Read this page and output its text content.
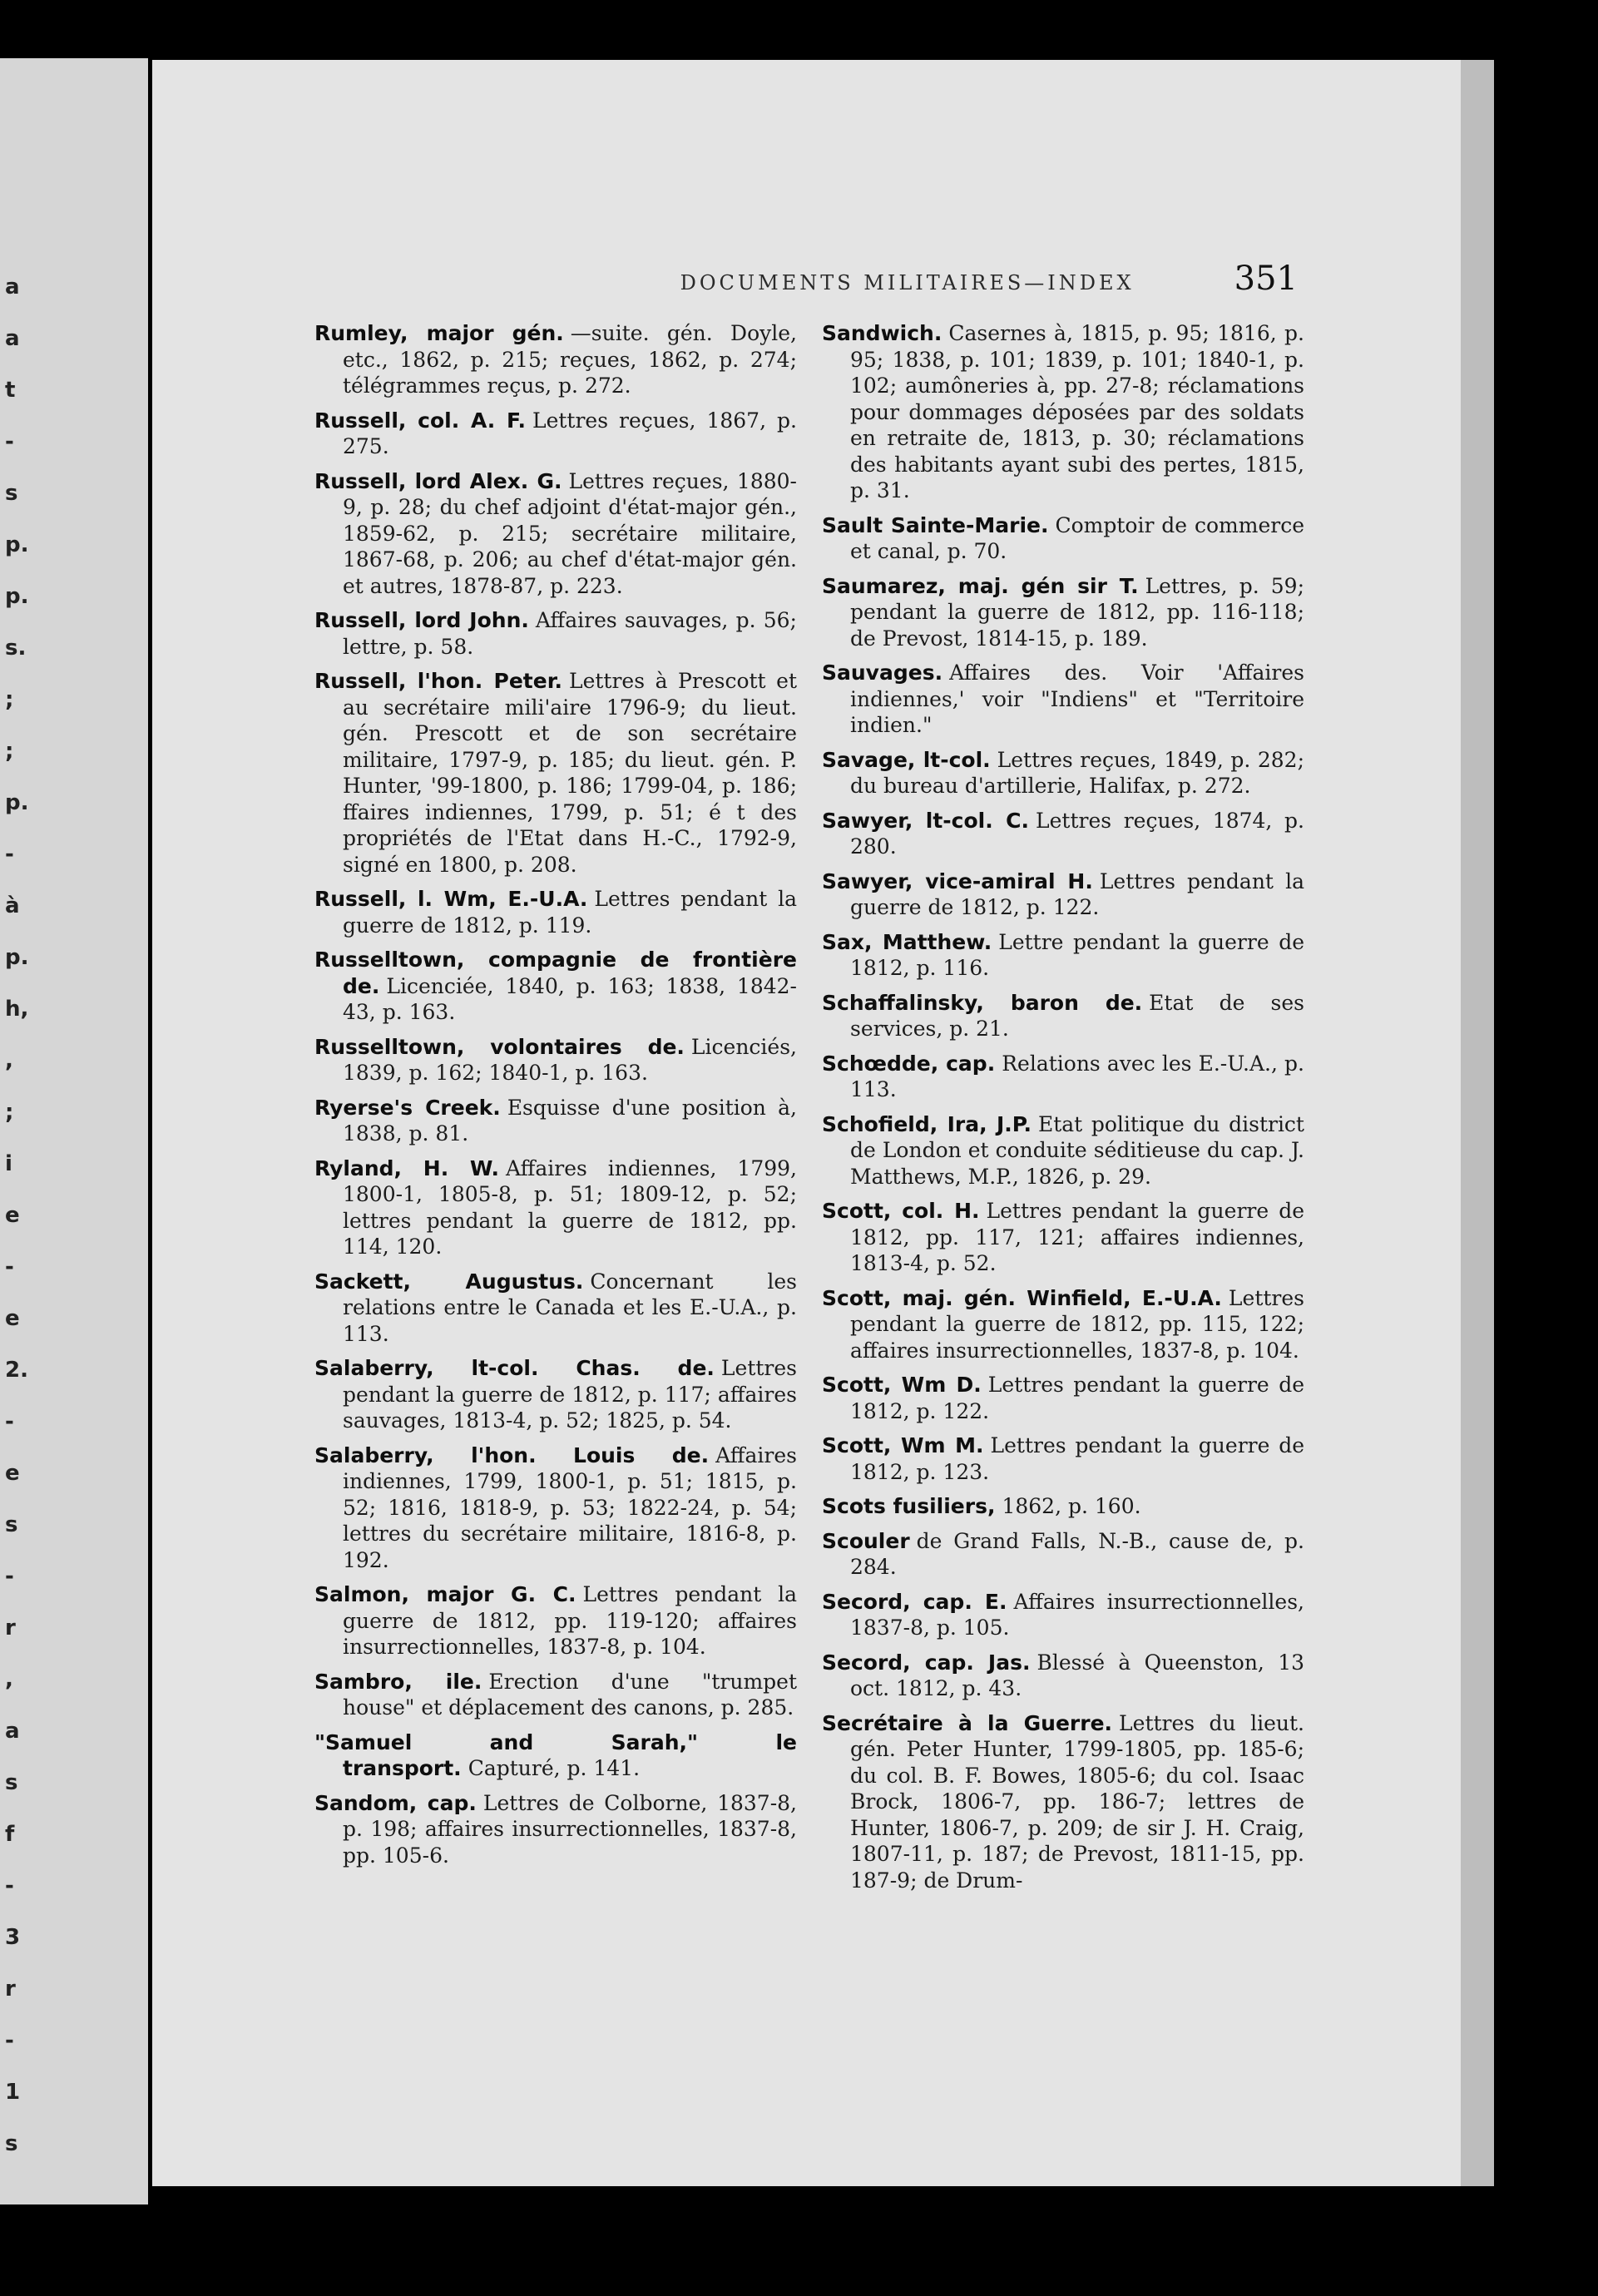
a
a
t
-
s
p.
p.
s.
;
;
p.
-
à
p.
h,
,
;
i
e
-
e
2.
-
e
s
-
r
,
a
s
f
-
3
r
-
1
s
DOCUMENTS MILITAIRES—INDEX	351

Rumley, major gén. —suite. gén. Doyle, etc., 1862, p. 215; reçues, 1862, p. 274; télégrammes reçus, p. 272.

Russell, col. A. F. Lettres reçues, 1867, p. 275.

Russell, lord Alex. G. Lettres reçues, 1880-9, p. 28; du chef adjoint d'état-major gén., 1859-62, p. 215; secrétaire militaire, 1867-68, p. 206; au chef d'état-major gén. et autres, 1878-87, p. 223.

Russell, lord John. Affaires sauvages, p. 56; lettre, p. 58.

Russell, l'hon. Peter. Lettres à Prescott et au secrétaire mili'aire 1796-9; du lieut. gén. Prescott et de son secrétaire militaire, 1797-9, p. 185; du lieut. gén. P. Hunter, '99-1800, p. 186; 1799-04, p. 186; ffaires indiennes, 1799, p. 51; é t des propriétés de l'Etat dans H.-C., 1792-9, signé en 1800, p. 208.

Russell, l. Wm, E.-U.A. Lettres pendant la guerre de 1812, p. 119.

Russelltown, compagnie de frontière de. Licenciée, 1840, p. 163; 1838, 1842-43, p. 163.

Russelltown, volontaires de. Licenciés, 1839, p. 162; 1840-1, p. 163.

Ryerse's Creek. Esquisse d'une position à, 1838, p. 81.

Ryland, H. W. Affaires indiennes, 1799, 1800-1, 1805-8, p. 51; 1809-12, p. 52; lettres pendant la guerre de 1812, pp. 114, 120.

Sackett, Augustus. Concernant les relations entre le Canada et les E.-U.A., p. 113.

Salaberry, lt-col. Chas. de. Lettres pendant la guerre de 1812, p. 117; affaires sauvages, 1813-4, p. 52; 1825, p. 54.

Salaberry, l'hon. Louis de. Affaires indiennes, 1799, 1800-1, p. 51; 1815, p. 52; 1816, 1818-9, p. 53; 1822-24, p. 54; lettres du secrétaire militaire, 1816-8, p. 192.

Salmon, major G. C. Lettres pendant la guerre de 1812, pp. 119-120; affaires insurrectionnelles, 1837-8, p. 104.

Sambro, ile. Erection d'une "trumpet house" et déplacement des canons, p. 285.

"Samuel and Sarah," le transport. Capturé, p. 141.

Sandom, cap. Lettres de Colborne, 1837-8, p. 198; affaires insurrectionnelles, 1837-8, pp. 105-6.

Sandwich. Casernes à, 1815, p. 95; 1816, p. 95; 1838, p. 101; 1839, p. 101; 1840-1, p. 102; aumôneries à, pp. 27-8; réclamations pour dommages déposées par des soldats en retraite de, 1813, p. 30; réclamations des habitants ayant subi des pertes, 1815, p. 31.

Sault Sainte-Marie. Comptoir de commerce et canal, p. 70.

Saumarez, maj. gén sir T. Lettres, p. 59; pendant la guerre de 1812, pp. 116-118; de Prevost, 1814-15, p. 189.

Sauvages. Affaires des. Voir 'Affaires indiennes,' voir "Indiens" et "Territoire indien."

Savage, lt-col. Lettres reçues, 1849, p. 282; du bureau d'artillerie, Halifax, p. 272.

Sawyer, lt-col. C. Lettres reçues, 1874, p. 280.

Sawyer, vice-amiral H. Lettres pendant la guerre de 1812, p. 122.

Sax, Matthew. Lettre pendant la guerre de 1812, p. 116.

Schaffalinsky, baron de. Etat de ses services, p. 21.

Schœdde, cap. Relations avec les E.-U.A., p. 113.

Schofield, Ira, J.P. Etat politique du district de London et conduite séditieuse du cap. J. Matthews, M.P., 1826, p. 29.

Scott, col. H. Lettres pendant la guerre de 1812, pp. 117, 121; affaires indiennes, 1813-4, p. 52.

Scott, maj. gén. Winfield, E.-U.A. Lettres pendant la guerre de 1812, pp. 115, 122; affaires insurrectionnelles, 1837-8, p. 104.

Scott, Wm D. Lettres pendant la guerre de 1812, p. 122.

Scott, Wm M. Lettres pendant la guerre de 1812, p. 123.

Scots fusiliers, 1862, p. 160.

Scouler de Grand Falls, N.-B., cause de, p. 284.

Secord, cap. E. Affaires insurrectionnelles, 1837-8, p. 105.

Secord, cap. Jas. Blessé à Queenston, 13 oct. 1812, p. 43.

Secrétaire à la Guerre. Lettres du lieut. gén. Peter Hunter, 1799-1805, pp. 185-6; du col. B. F. Bowes, 1805-6; du col. Isaac Brock, 1806-7, pp. 186-7; lettres de Hunter, 1806-7, p. 209; de sir J. H. Craig, 1807-11, p. 187; de Prevost, 1811-15, pp. 187-9; de Drum-
